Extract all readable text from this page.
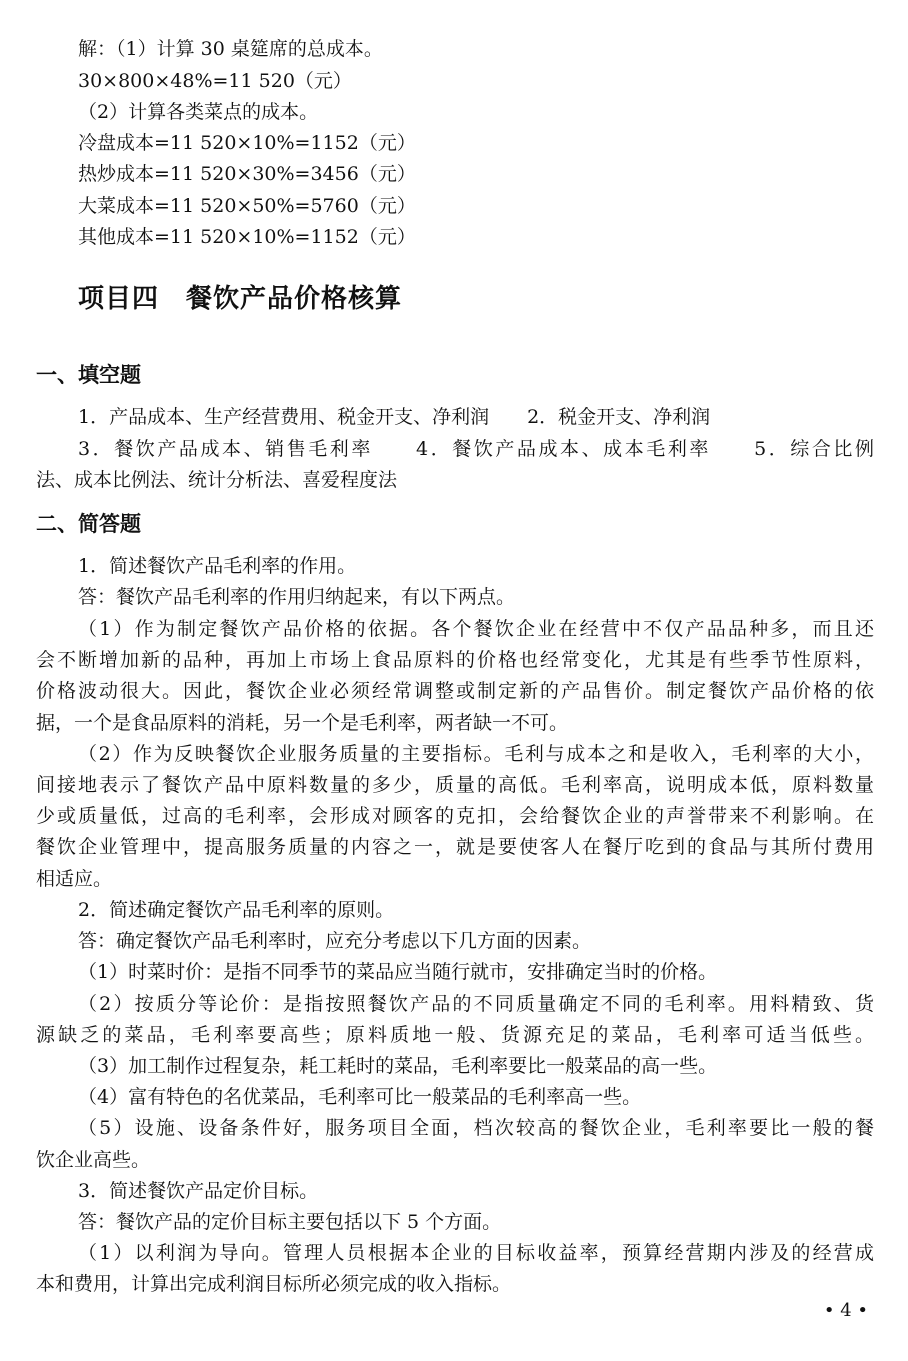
解：（1）计算 30 桌筵席的总成本。
30×800×48%=11 520（元）
（2）计算各类菜点的成本。
冷盘成本=11 520×10%=1152（元）
热炒成本=11 520×30%=3456（元）
大菜成本=11 520×50%=5760（元）
其他成本=11 520×10%=1152（元）
项目四　餐饮产品价格核算
一、填空题
1．产品成本、生产经营费用、税金开支、净利润　　2．税金开支、净利润
3．餐饮产品成本、销售毛利率　　4．餐饮产品成本、成本毛利率　　5．综合比例
法、成本比例法、统计分析法、喜爱程度法
二、简答题
1．简述餐饮产品毛利率的作用。
答：餐饮产品毛利率的作用归纳起来，有以下两点。
（1）作为制定餐饮产品价格的依据。各个餐饮企业在经营中不仅产品品种多，而且还
会不断增加新的品种，再加上市场上食品原料的价格也经常变化，尤其是有些季节性原料，
价格波动很大。因此，餐饮企业必须经常调整或制定新的产品售价。制定餐饮产品价格的依
据，一个是食品原料的消耗，另一个是毛利率，两者缺一不可。
（2）作为反映餐饮企业服务质量的主要指标。毛利与成本之和是收入，毛利率的大小，
间接地表示了餐饮产品中原料数量的多少，质量的高低。毛利率高，说明成本低，原料数量
少或质量低，过高的毛利率，会形成对顾客的克扣，会给餐饮企业的声誉带来不利影响。在
餐饮企业管理中，提高服务质量的内容之一，就是要使客人在餐厅吃到的食品与其所付费用
相适应。
2．简述确定餐饮产品毛利率的原则。
答：确定餐饮产品毛利率时，应充分考虑以下几方面的因素。
（1）时菜时价：是指不同季节的菜品应当随行就市，安排确定当时的价格。
（2）按质分等论价：是指按照餐饮产品的不同质量确定不同的毛利率。用料精致、货
源缺乏的菜品，毛利率要高些；原料质地一般、货源充足的菜品，毛利率可适当低些。
（3）加工制作过程复杂，耗工耗时的菜品，毛利率要比一般菜品的高一些。
（4）富有特色的名优菜品，毛利率可比一般菜品的毛利率高一些。
（5）设施、设备条件好，服务项目全面，档次较高的餐饮企业，毛利率要比一般的餐
饮企业高些。
3．简述餐饮产品定价目标。
答：餐饮产品的定价目标主要包括以下 5 个方面。
（1）以利润为导向。管理人员根据本企业的目标收益率，预算经营期内涉及的经营成
本和费用，计算出完成利润目标所必须完成的收入指标。
• 4 •
